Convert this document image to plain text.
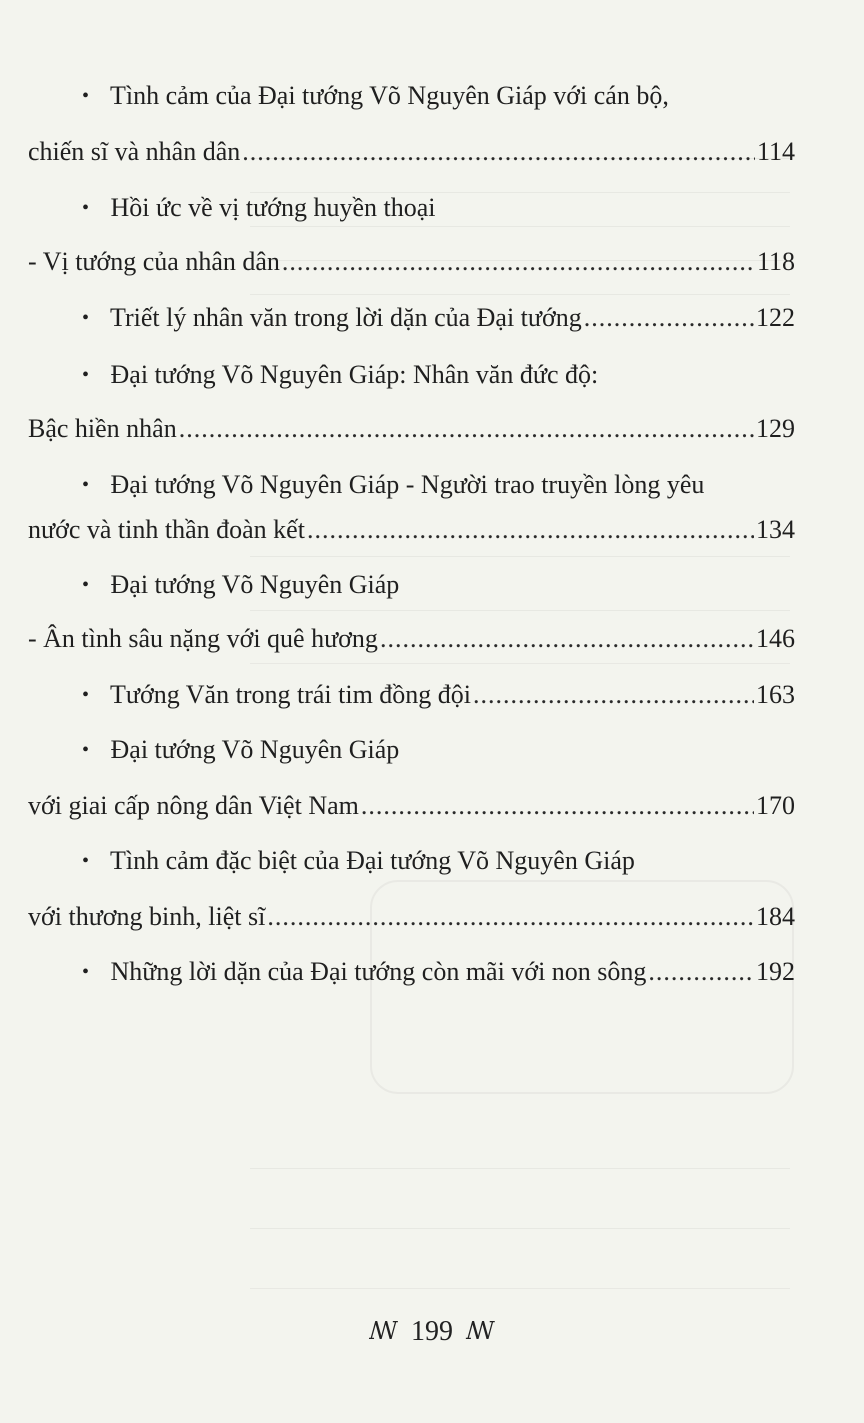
• Tình cảm của Đại tướng Võ Nguyên Giáp với cán bộ,
chiến sĩ và nhân dân .....	114
• Hồi ức về vị tướng huyền thoại
- Vị tướng của nhân dân .....	118
• Triết lý nhân văn trong lời dặn của Đại tướng .....	122
• Đại tướng Võ Nguyên Giáp: Nhân văn đức độ:
Bậc hiền nhân .....	129
• Đại tướng Võ Nguyên Giáp - Người trao truyền lòng yêu
nước và tinh thần đoàn kết .....	134
• Đại tướng Võ Nguyên Giáp
- Ân tình sâu nặng với quê hương .....	146
• Tướng Văn trong trái tim đồng đội .....	163
• Đại tướng Võ Nguyên Giáp
với giai cấp nông dân Việt Nam .....	170
• Tình cảm đặc biệt của Đại tướng Võ Nguyên Giáp
với thương binh, liệt sĩ .....	184
• Những lời dặn của Đại tướng còn mãi với non sông .....	192
ꟿ 199 ꟿ
